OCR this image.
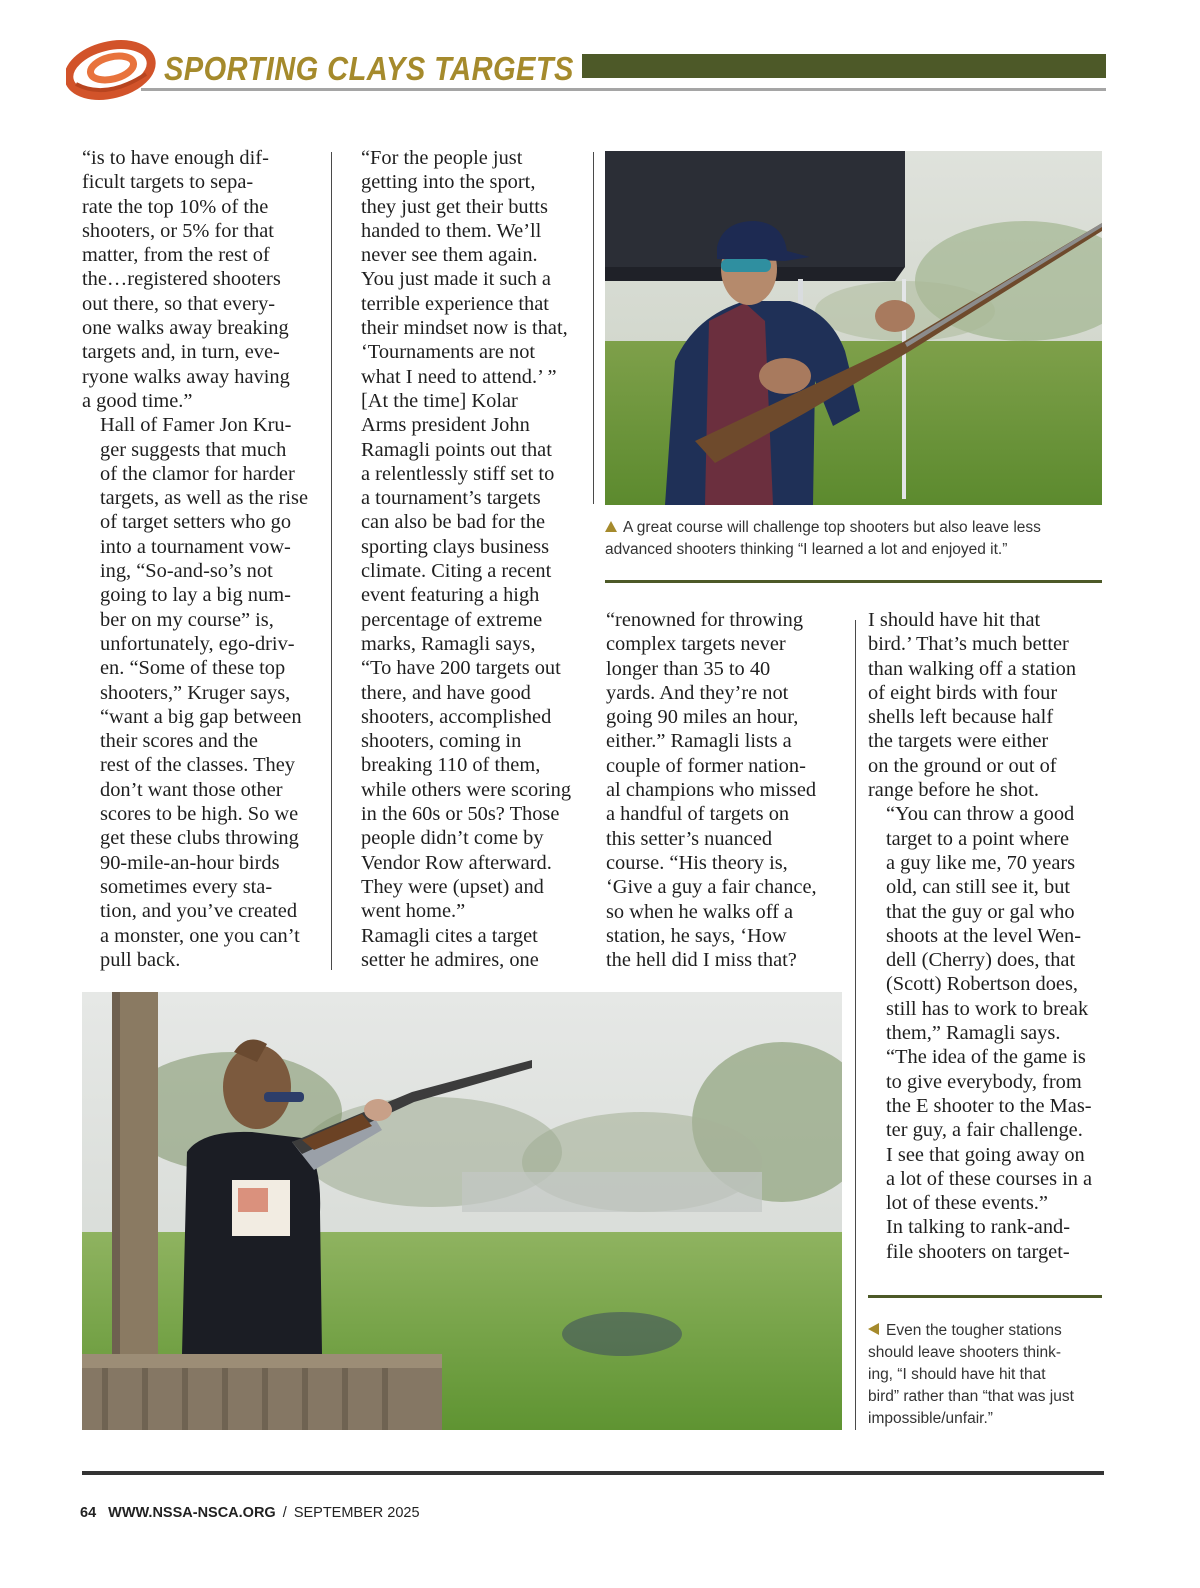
SPORTING CLAYS TARGETS

“is to have enough dif-
ficult targets to sepa-
rate the top 10% of the
shooters, or 5% for that
matter, from the rest of
the…registered shooters
out there, so that every-
one walks away breaking
targets and, in turn, eve-
ryone walks away having
a good time.”

Hall of Famer Jon Kru-
ger suggests that much
of the clamor for harder
targets, as well as the rise
of target setters who go
into a tournament vow-
ing, “So-and-so’s not
going to lay a big num-
ber on my course” is,
unfortunately, ego-driv-
en. “Some of these top
shooters,” Kruger says,
“want a big gap between
their scores and the
rest of the classes. They
don’t want those other
scores to be high. So we
get these clubs throwing
90-mile-an-hour birds
sometimes every sta-
tion, and you’ve created
a monster, one you can’t
pull back.

“For the people just
getting into the sport,
they just get their butts
handed to them. We’ll
never see them again.
You just made it such a
terrible experience that
their mindset now is that,
‘Tournaments are not
what I need to attend.’ ”

[At the time] Kolar
Arms president John
Ramagli points out that
a relentlessly stiff set to
a tournament’s targets
can also be bad for the
sporting clays business
climate. Citing a recent
event featuring a high
percentage of extreme
marks, Ramagli says,
“To have 200 targets out
there, and have good
shooters, accomplished
shooters, coming in
breaking 110 of them,
while others were scoring
in the 60s or 50s? Those
people didn’t come by
Vendor Row afterward.
They were (upset) and
went home.”

Ramagli cites a target
setter he admires, one

A great course will challenge top shooters but also leave less
advanced shooters thinking “I learned a lot and enjoyed it.”

“renowned for throwing
complex targets never
longer than 35 to 40
yards. And they’re not
going 90 miles an hour,
either.” Ramagli lists a
couple of former nation-
al champions who missed
a handful of targets on
this setter’s nuanced
course. “His theory is,
‘Give a guy a fair chance,
so when he walks off a
station, he says, ‘How
the hell did I miss that?

I should have hit that
bird.’ That’s much better
than walking off a station
of eight birds with four
shells left because half
the targets were either
on the ground or out of
range before he shot.

“You can throw a good
target to a point where
a guy like me, 70 years
old, can still see it, but
that the guy or gal who
shoots at the level Wen-
dell (Cherry) does, that
(Scott) Robertson does,
still has to work to break
them,” Ramagli says.
“The idea of the game is
to give everybody, from
the E shooter to the Mas-
ter guy, a fair challenge.
I see that going away on
a lot of these courses in a
lot of these events.”

In talking to rank-and-
file shooters on target-

Even the tougher stations
should leave shooters think-
ing, “I should have hit that
bird” rather than “that was just
impossible/unfair.”
64 WWW.NSSA-NSCA.ORG / SEPTEMBER 2025
